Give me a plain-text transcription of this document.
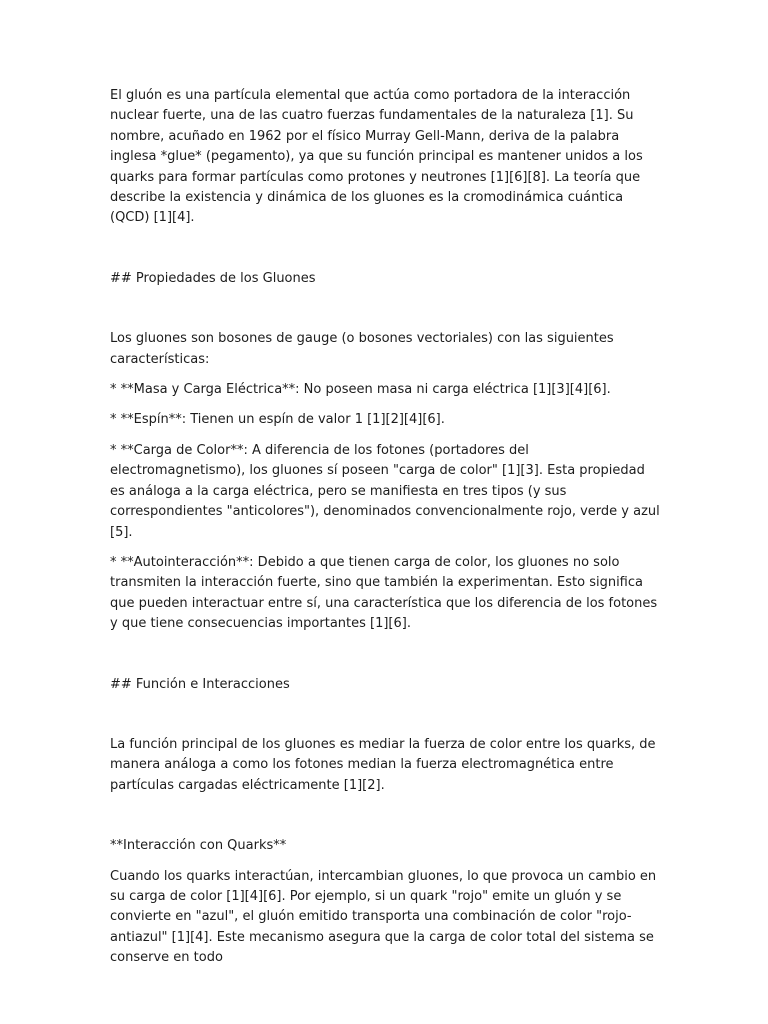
El gluón es una partícula elemental que actúa como portadora de la interacción nuclear fuerte, una de las cuatro fuerzas fundamentales de la naturaleza [1]. Su nombre, acuñado en 1962 por el físico Murray Gell-Mann, deriva de la palabra inglesa *glue* (pegamento), ya que su función principal es mantener unidos a los quarks para formar partículas como protones y neutrones [1][6][8]. La teoría que describe la existencia y dinámica de los gluones es la cromodinámica cuántica (QCD) [1][4].

## Propiedades de los Gluones

Los gluones son bosones de gauge (o bosones vectoriales) con las siguientes características:

* **Masa y Carga Eléctrica**: No poseen masa ni carga eléctrica [1][3][4][6].

* **Espín**: Tienen un espín de valor 1 [1][2][4][6].

* **Carga de Color**: A diferencia de los fotones (portadores del electromagnetismo), los gluones sí poseen "carga de color" [1][3]. Esta propiedad es análoga a la carga eléctrica, pero se manifiesta en tres tipos (y sus correspondientes "anticolores"), denominados convencionalmente rojo, verde y azul [5].

* **Autointeracción**: Debido a que tienen carga de color, los gluones no solo transmiten la interacción fuerte, sino que también la experimentan. Esto significa que pueden interactuar entre sí, una característica que los diferencia de los fotones y que tiene consecuencias importantes [1][6].

## Función e Interacciones

La función principal de los gluones es mediar la fuerza de color entre los quarks, de manera análoga a como los fotones median la fuerza electromagnética entre partículas cargadas eléctricamente [1][2].

**Interacción con Quarks**

Cuando los quarks interactúan, intercambian gluones, lo que provoca un cambio en su carga de color [1][4][6]. Por ejemplo, si un quark "rojo" emite un gluón y se convierte en "azul", el gluón emitido transporta una combinación de color "rojo-antiazul" [1][4]. Este mecanismo asegura que la carga de color total del sistema se conserve en todo
